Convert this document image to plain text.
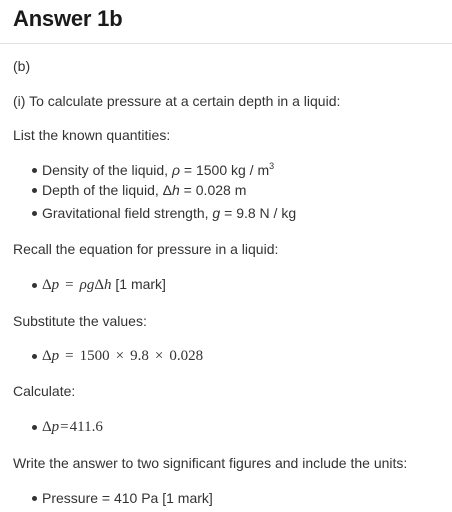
Answer 1b
(b)
(i) To calculate pressure at a certain depth in a liquid:
List the known quantities:
Density of the liquid, ρ = 1500 kg / $m^3$
Depth of the liquid, Δh = 0.028 m
Gravitational field strength, g = 9.8 N / kg
Recall the equation for pressure in a liquid:
Δp = ρgΔh [1 mark]
Substitute the values:
Δp = 1500 × 9.8 × 0.028
Calculate:
Δp=411.6
Write the answer to two significant figures and include the units:
Pressure = 410 Pa [1 mark]
